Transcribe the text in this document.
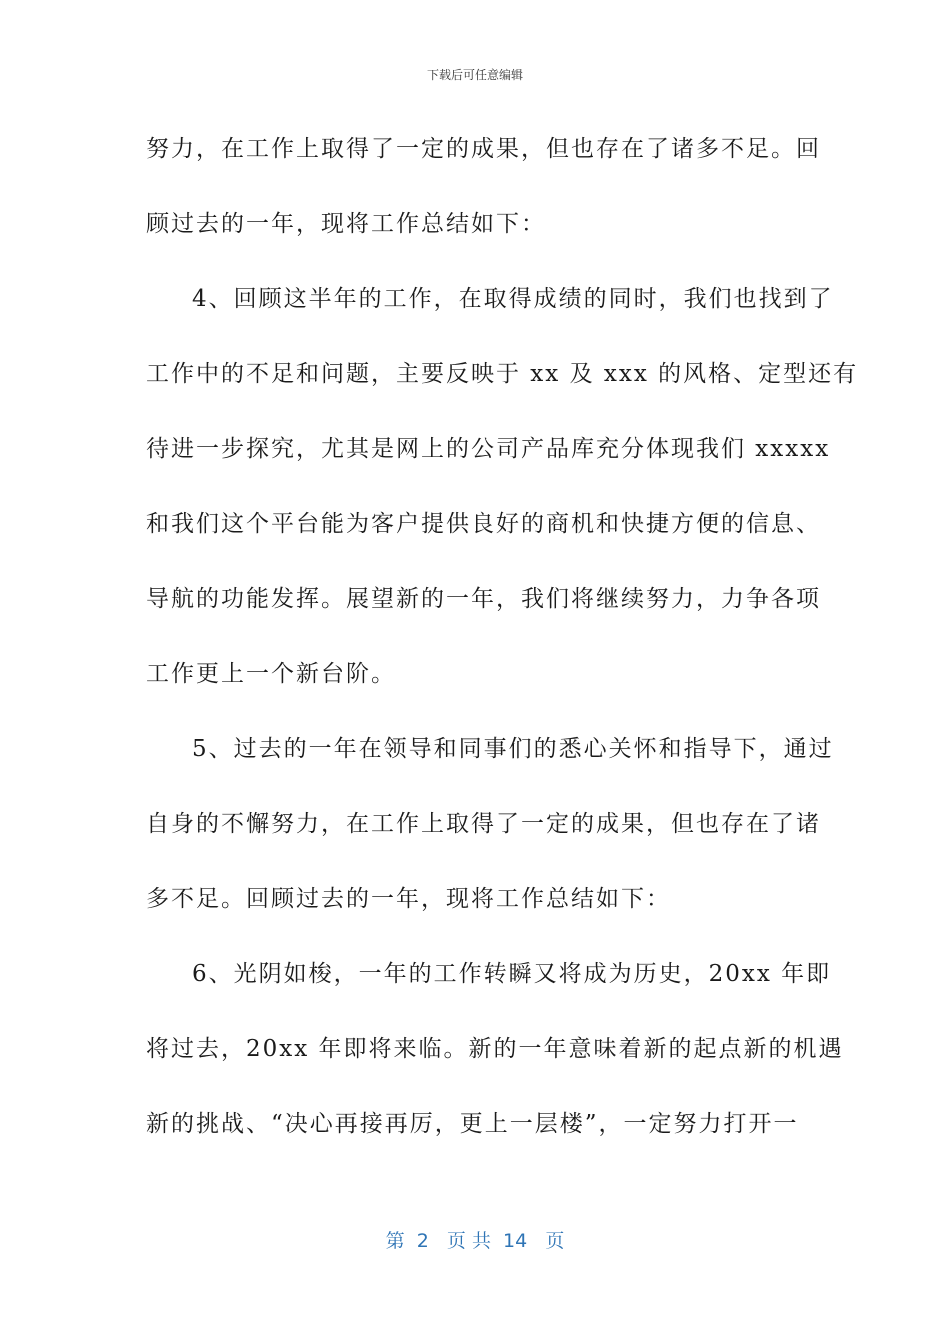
下载后可任意编辑
努力，在工作上取得了一定的成果，但也存在了诸多不足。回
顾过去的一年，现将工作总结如下：
4、回顾这半年的工作，在取得成绩的同时，我们也找到了
工作中的不足和问题，主要反映于 xx 及 xxx 的风格、定型还有
待进一步探究，尤其是网上的公司产品库充分体现我们 xxxxx
和我们这个平台能为客户提供良好的商机和快捷方便的信息、
导航的功能发挥。展望新的一年，我们将继续努力，力争各项
工作更上一个新台阶。
5、过去的一年在领导和同事们的悉心关怀和指导下，通过
自身的不懈努力，在工作上取得了一定的成果，但也存在了诸
多不足。回顾过去的一年，现将工作总结如下：
6、光阴如梭，一年的工作转瞬又将成为历史，20xx 年即
将过去，20xx 年即将来临。新的一年意味着新的起点新的机遇
新的挑战、“决心再接再厉，更上一层楼”，一定努力打开一
第  2   页 共  14   页
